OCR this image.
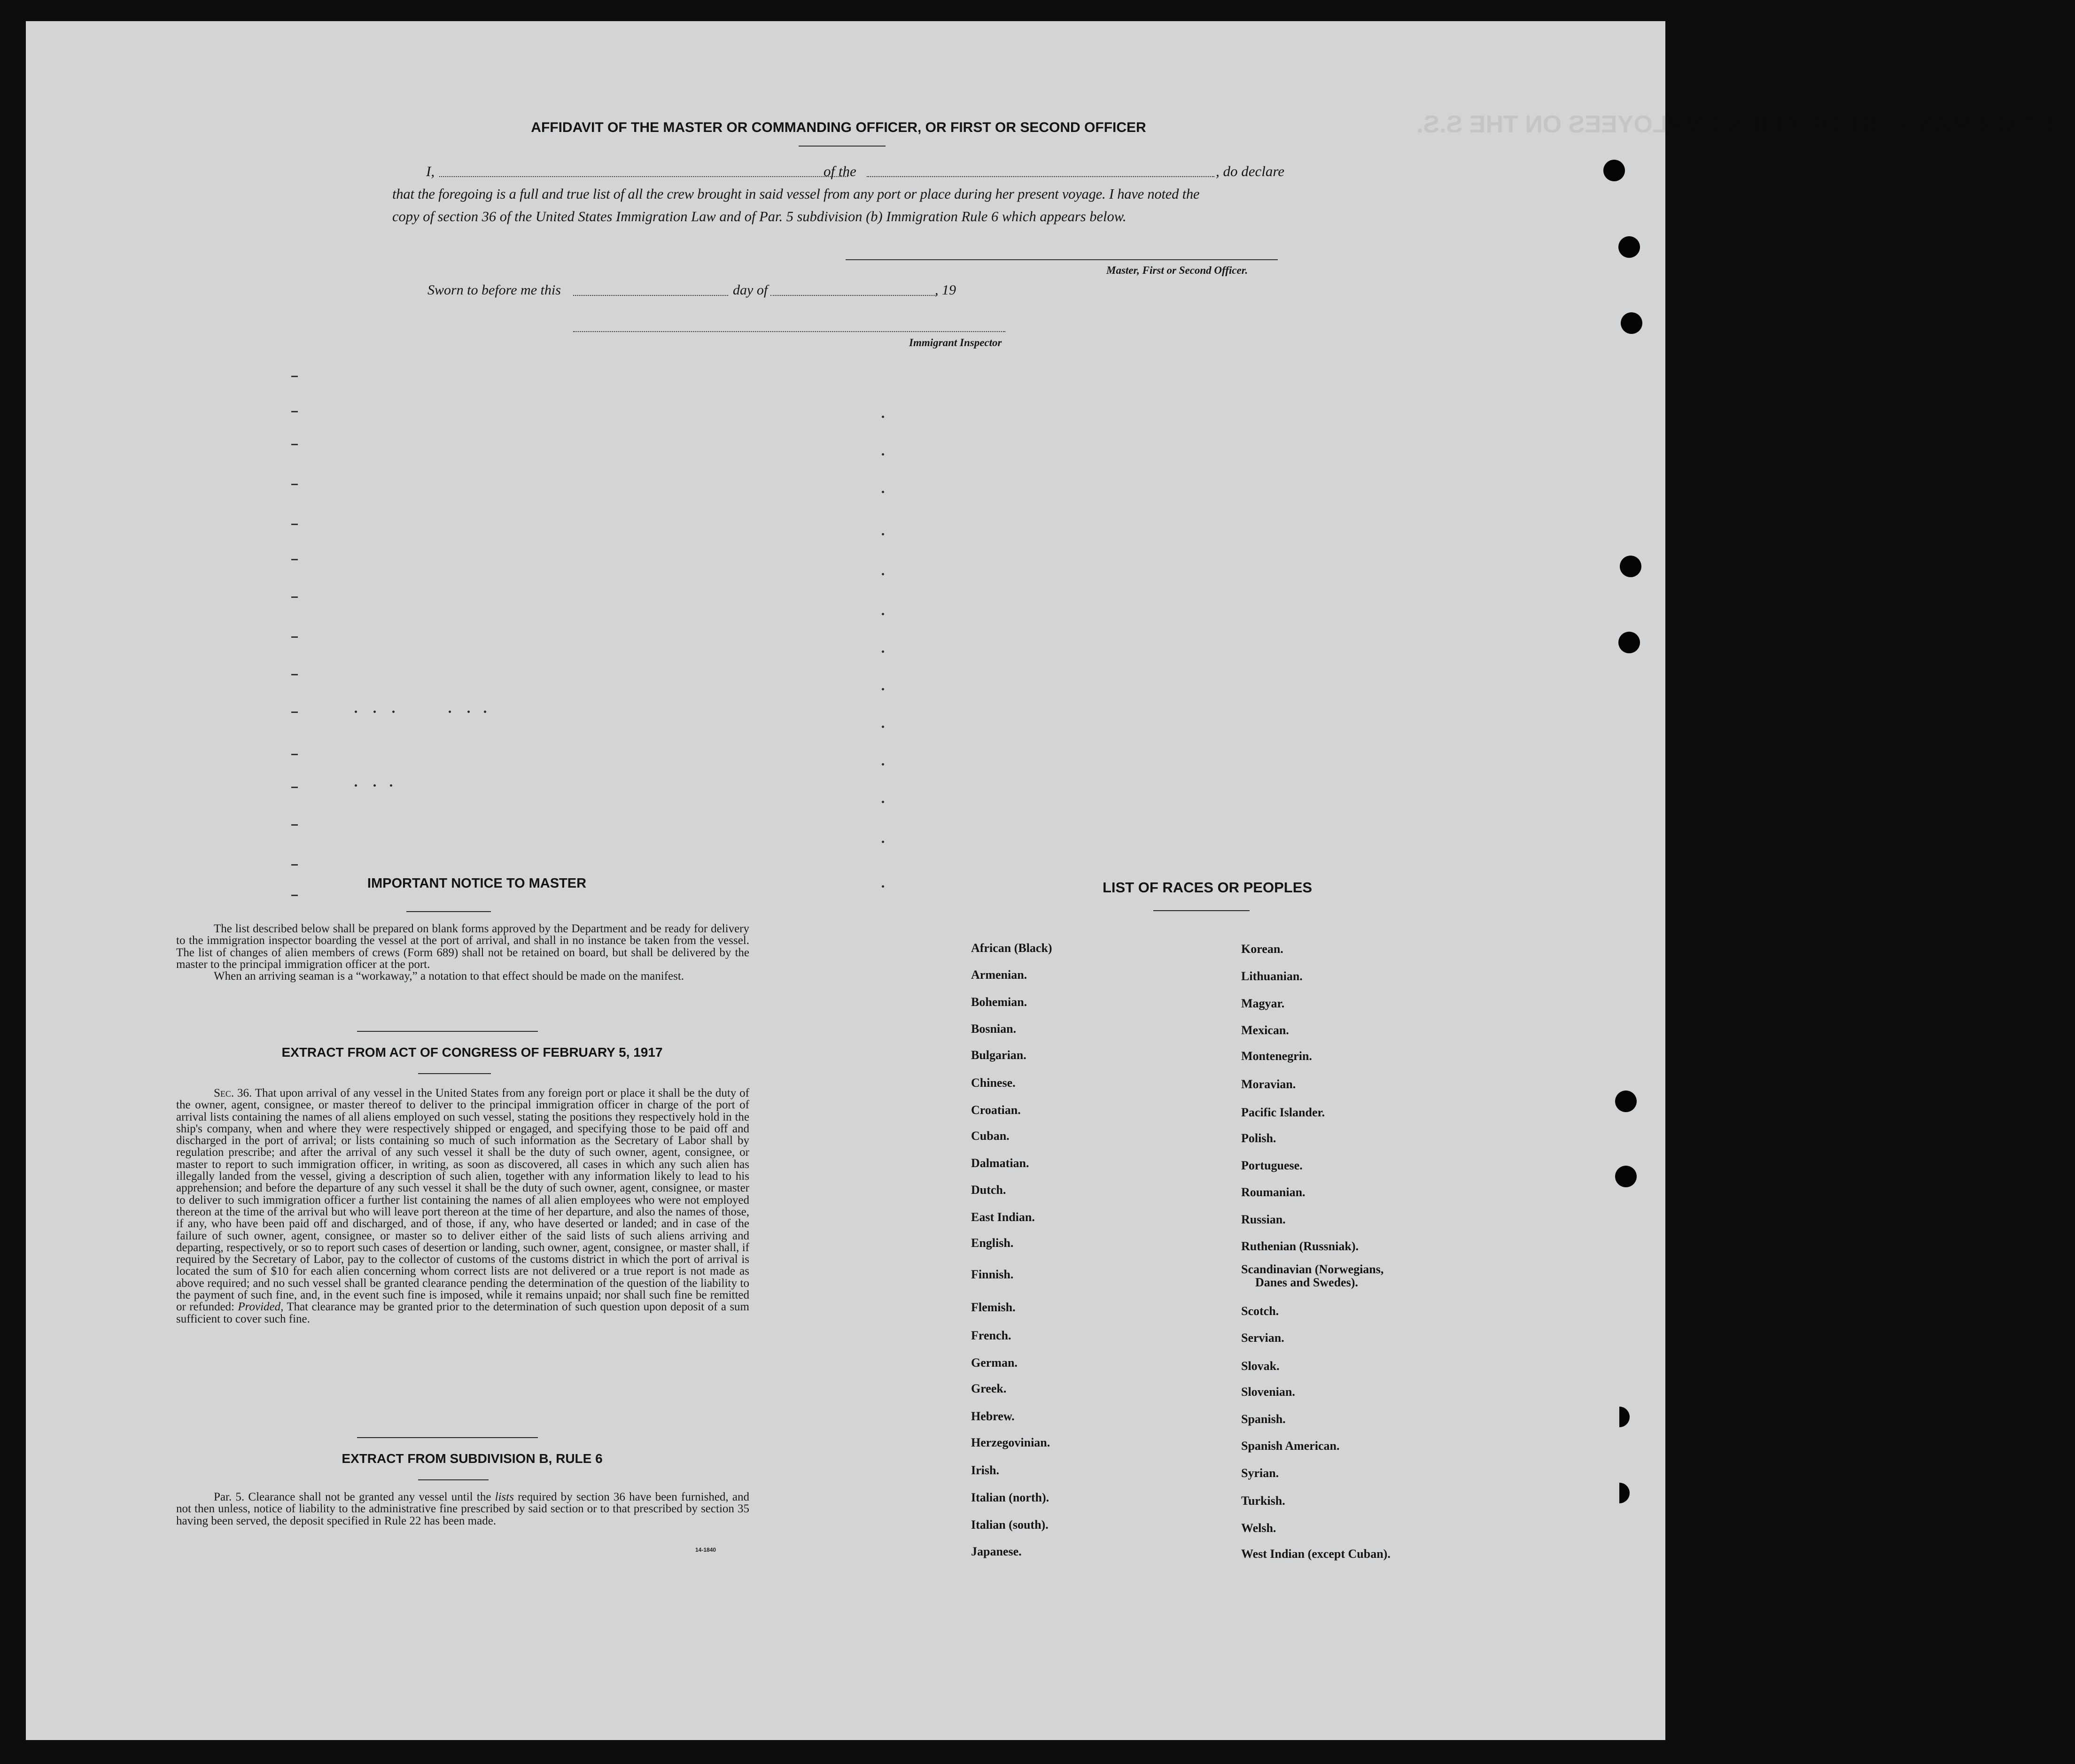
LIST OR MANIFEST OF ALIEN EMPLOYEES ON THE S.S.
AFFIDAVIT OF THE MASTER OR COMMANDING OFFICER, OR FIRST OR SECOND OFFICER
I,	of the	, do declare
that the foregoing is a full and true list of all the crew brought in said vessel from any port or place during her present voyage. I have noted the
copy of section 36 of the United States Immigration Law and of Par. 5 subdivision (b) Immigration Rule 6 which appears below.
Master, First or Second Officer.
Sworn to before me this	day of	, 19
Immigrant Inspector
IMPORTANT NOTICE TO MASTER

The list described below shall be prepared on blank forms approved by the Department and be ready for delivery to the immigration inspector boarding the vessel at the port of arrival, and shall in no instance be taken from the vessel. The list of changes of alien members of crews (Form 689) shall not be retained on board, but shall be delivered by the master to the principal immigration officer at the port.

When an arriving seaman is a “workaway,” a notation to that effect should be made on the manifest.

EXTRACT FROM ACT OF CONGRESS OF FEBRUARY 5, 1917

Sec. 36. That upon arrival of any vessel in the United States from any foreign port or place it shall be the duty of the owner, agent, consignee, or master thereof to deliver to the principal immigration officer in charge of the port of arrival lists containing the names of all aliens employed on such vessel, stating the positions they respectively hold in the ship's company, when and where they were respectively shipped or engaged, and specifying those to be paid off and discharged in the port of arrival; or lists containing so much of such information as the Secretary of Labor shall by regulation prescribe; and after the arrival of any such vessel it shall be the duty of such owner, agent, consignee, or master to report to such immigration officer, in writing, as soon as discovered, all cases in which any such alien has illegally landed from the vessel, giving a description of such alien, together with any information likely to lead to his apprehension; and before the departure of any such vessel it shall be the duty of such owner, agent, consignee, or master to deliver to such immigration officer a further list containing the names of all alien employees who were not employed thereon at the time of the arrival but who will leave port thereon at the time of her departure, and also the names of those, if any, who have been paid off and discharged, and of those, if any, who have deserted or landed; and in case of the failure of such owner, agent, consignee, or master so to deliver either of the said lists of such aliens arriving and departing, respectively, or so to report such cases of desertion or landing, such owner, agent, consignee, or master shall, if required by the Secretary of Labor, pay to the collector of customs of the customs district in which the port of arrival is located the sum of $10 for each alien concerning whom correct lists are not delivered or a true report is not made as above required; and no such vessel shall be granted clearance pending the determination of the question of the liability to the payment of such fine, and, in the event such fine is imposed, while it remains unpaid; nor shall such fine be remitted or refunded: Provided, That clearance may be granted prior to the determination of such question upon deposit of a sum sufficient to cover such fine.

EXTRACT FROM SUBDIVISION B, RULE 6

Par. 5. Clearance shall not be granted any vessel until the lists required by section 36 have been furnished, and not then unless, notice of liability to the administrative fine prescribed by said section or to that prescribed by section 35 having been served, the deposit specified in Rule 22 has been made.

14-1840
LIST OF RACES OR PEOPLES
African (Black)
Armenian.
Bohemian.
Bosnian.
Bulgarian.
Chinese.
Croatian.
Cuban.
Dalmatian.
Dutch.
East Indian.
English.
Finnish.
Flemish.
French.
German.
Greek.
Hebrew.
Herzegovinian.
Irish.
Italian (north).
Italian (south).
Japanese.
Korean.
Lithuanian.
Magyar.
Mexican.
Montenegrin.
Moravian.
Pacific Islander.
Polish.
Portuguese.
Roumanian.
Russian.
Ruthenian (Russniak).
Scandinavian (Norwegians,
Danes and Swedes).
Scotch.
Servian.
Slovak.
Slovenian.
Spanish.
Spanish American.
Syrian.
Turkish.
Welsh.
West Indian (except Cuban).
